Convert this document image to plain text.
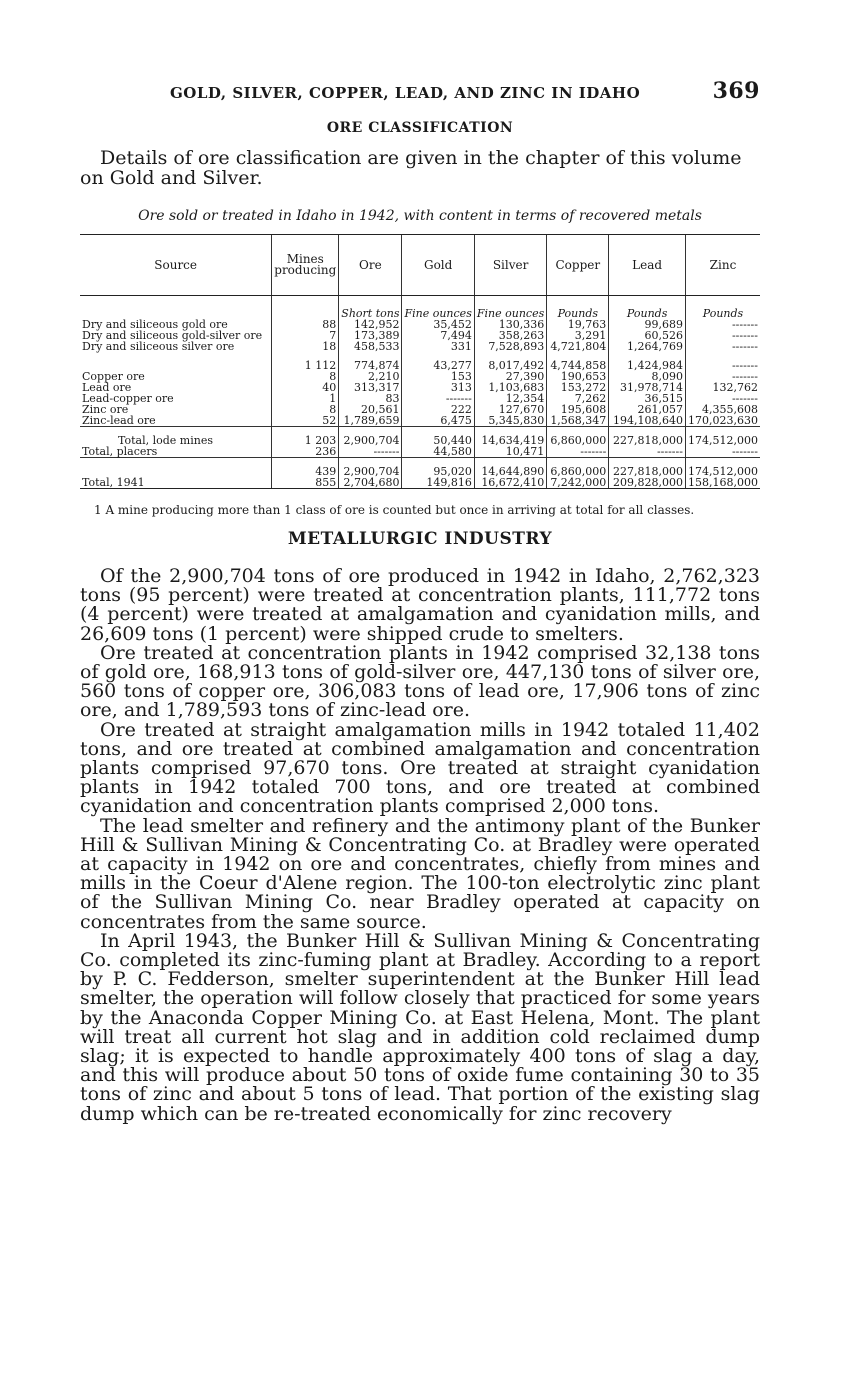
GOLD, SILVER, COPPER, LEAD, AND ZINC IN IDAHO	369
ORE CLASSIFICATION

Details of ore classification are given in the chapter of this volume on Gold and Silver.

Ore sold or treated in Idaho in 1942, with content in terms of recovered metals
Source	Mines producing	Ore	Gold	Silver	Copper	Lead	Zinc
		Short tons	Fine ounces	Fine ounces	Pounds	Pounds	Pounds
Dry and siliceous gold ore	88	142,952	35,452	130,336	19,763	99,689	-------
Dry and siliceous gold-silver ore	7	173,389	7,494	358,263	3,291	60,526	-------
Dry and siliceous silver ore	18	458,533	331	7,528,893	4,721,804	1,264,769	-------
	1 112	774,874	43,277	8,017,492	4,744,858	1,424,984	-------
Copper ore	8	2,210	153	27,390	190,653	8,090	-------
Lead ore	40	313,317	313	1,103,683	153,272	31,978,714	132,762
Lead-copper ore	1	83	-------	12,354	7,262	36,515	-------
Zinc ore	8	20,561	222	127,670	195,608	261,057	4,355,608
Zinc-lead ore	52	1,789,659	6,475	5,345,830	1,568,347	194,108,640	170,023,630
Total, lode mines	1 203	2,900,704	50,440	14,634,419	6,860,000	227,818,000	174,512,000
Total, placers	236	-------	44,580	10,471	-------	-------	-------
	439	2,900,704	95,020	14,644,890	6,860,000	227,818,000	174,512,000
Total, 1941	855	2,704,680	149,816	16,672,410	7,242,000	209,828,000	158,168,000
1 A mine producing more than 1 class of ore is counted but once in arriving at total for all classes.
METALLURGIC INDUSTRY

Of the 2,900,704 tons of ore produced in 1942 in Idaho, 2,762,323 tons (95 percent) were treated at concentration plants, 111,772 tons (4 percent) were treated at amalgamation and cyanidation mills, and 26,609 tons (1 percent) were shipped crude to smelters.

Ore treated at concentration plants in 1942 comprised 32,138 tons of gold ore, 168,913 tons of gold-silver ore, 447,130 tons of silver ore, 560 tons of copper ore, 306,083 tons of lead ore, 17,906 tons of zinc ore, and 1,789,593 tons of zinc-lead ore.

Ore treated at straight amalgamation mills in 1942 totaled 11,402 tons, and ore treated at combined amalgamation and concentration plants comprised 97,670 tons. Ore treated at straight cyanidation plants in 1942 totaled 700 tons, and ore treated at combined cyanidation and concentration plants comprised 2,000 tons.

The lead smelter and refinery and the antimony plant of the Bunker Hill & Sullivan Mining & Concentrating Co. at Bradley were operated at capacity in 1942 on ore and concentrates, chiefly from mines and mills in the Coeur d'Alene region. The 100-ton electrolytic zinc plant of the Sullivan Mining Co. near Bradley operated at capacity on concentrates from the same source.

In April 1943, the Bunker Hill & Sullivan Mining & Concentrating Co. completed its zinc-fuming plant at Bradley. According to a report by P. C. Fedderson, smelter superintendent at the Bunker Hill lead smelter, the operation will follow closely that practiced for some years by the Anaconda Copper Mining Co. at East Helena, Mont. The plant will treat all current hot slag and in addition cold reclaimed dump slag; it is expected to handle approximately 400 tons of slag a day, and this will produce about 50 tons of oxide fume containing 30 to 35 tons of zinc and about 5 tons of lead. That portion of the existing slag dump which can be re-treated economically for zinc recovery
